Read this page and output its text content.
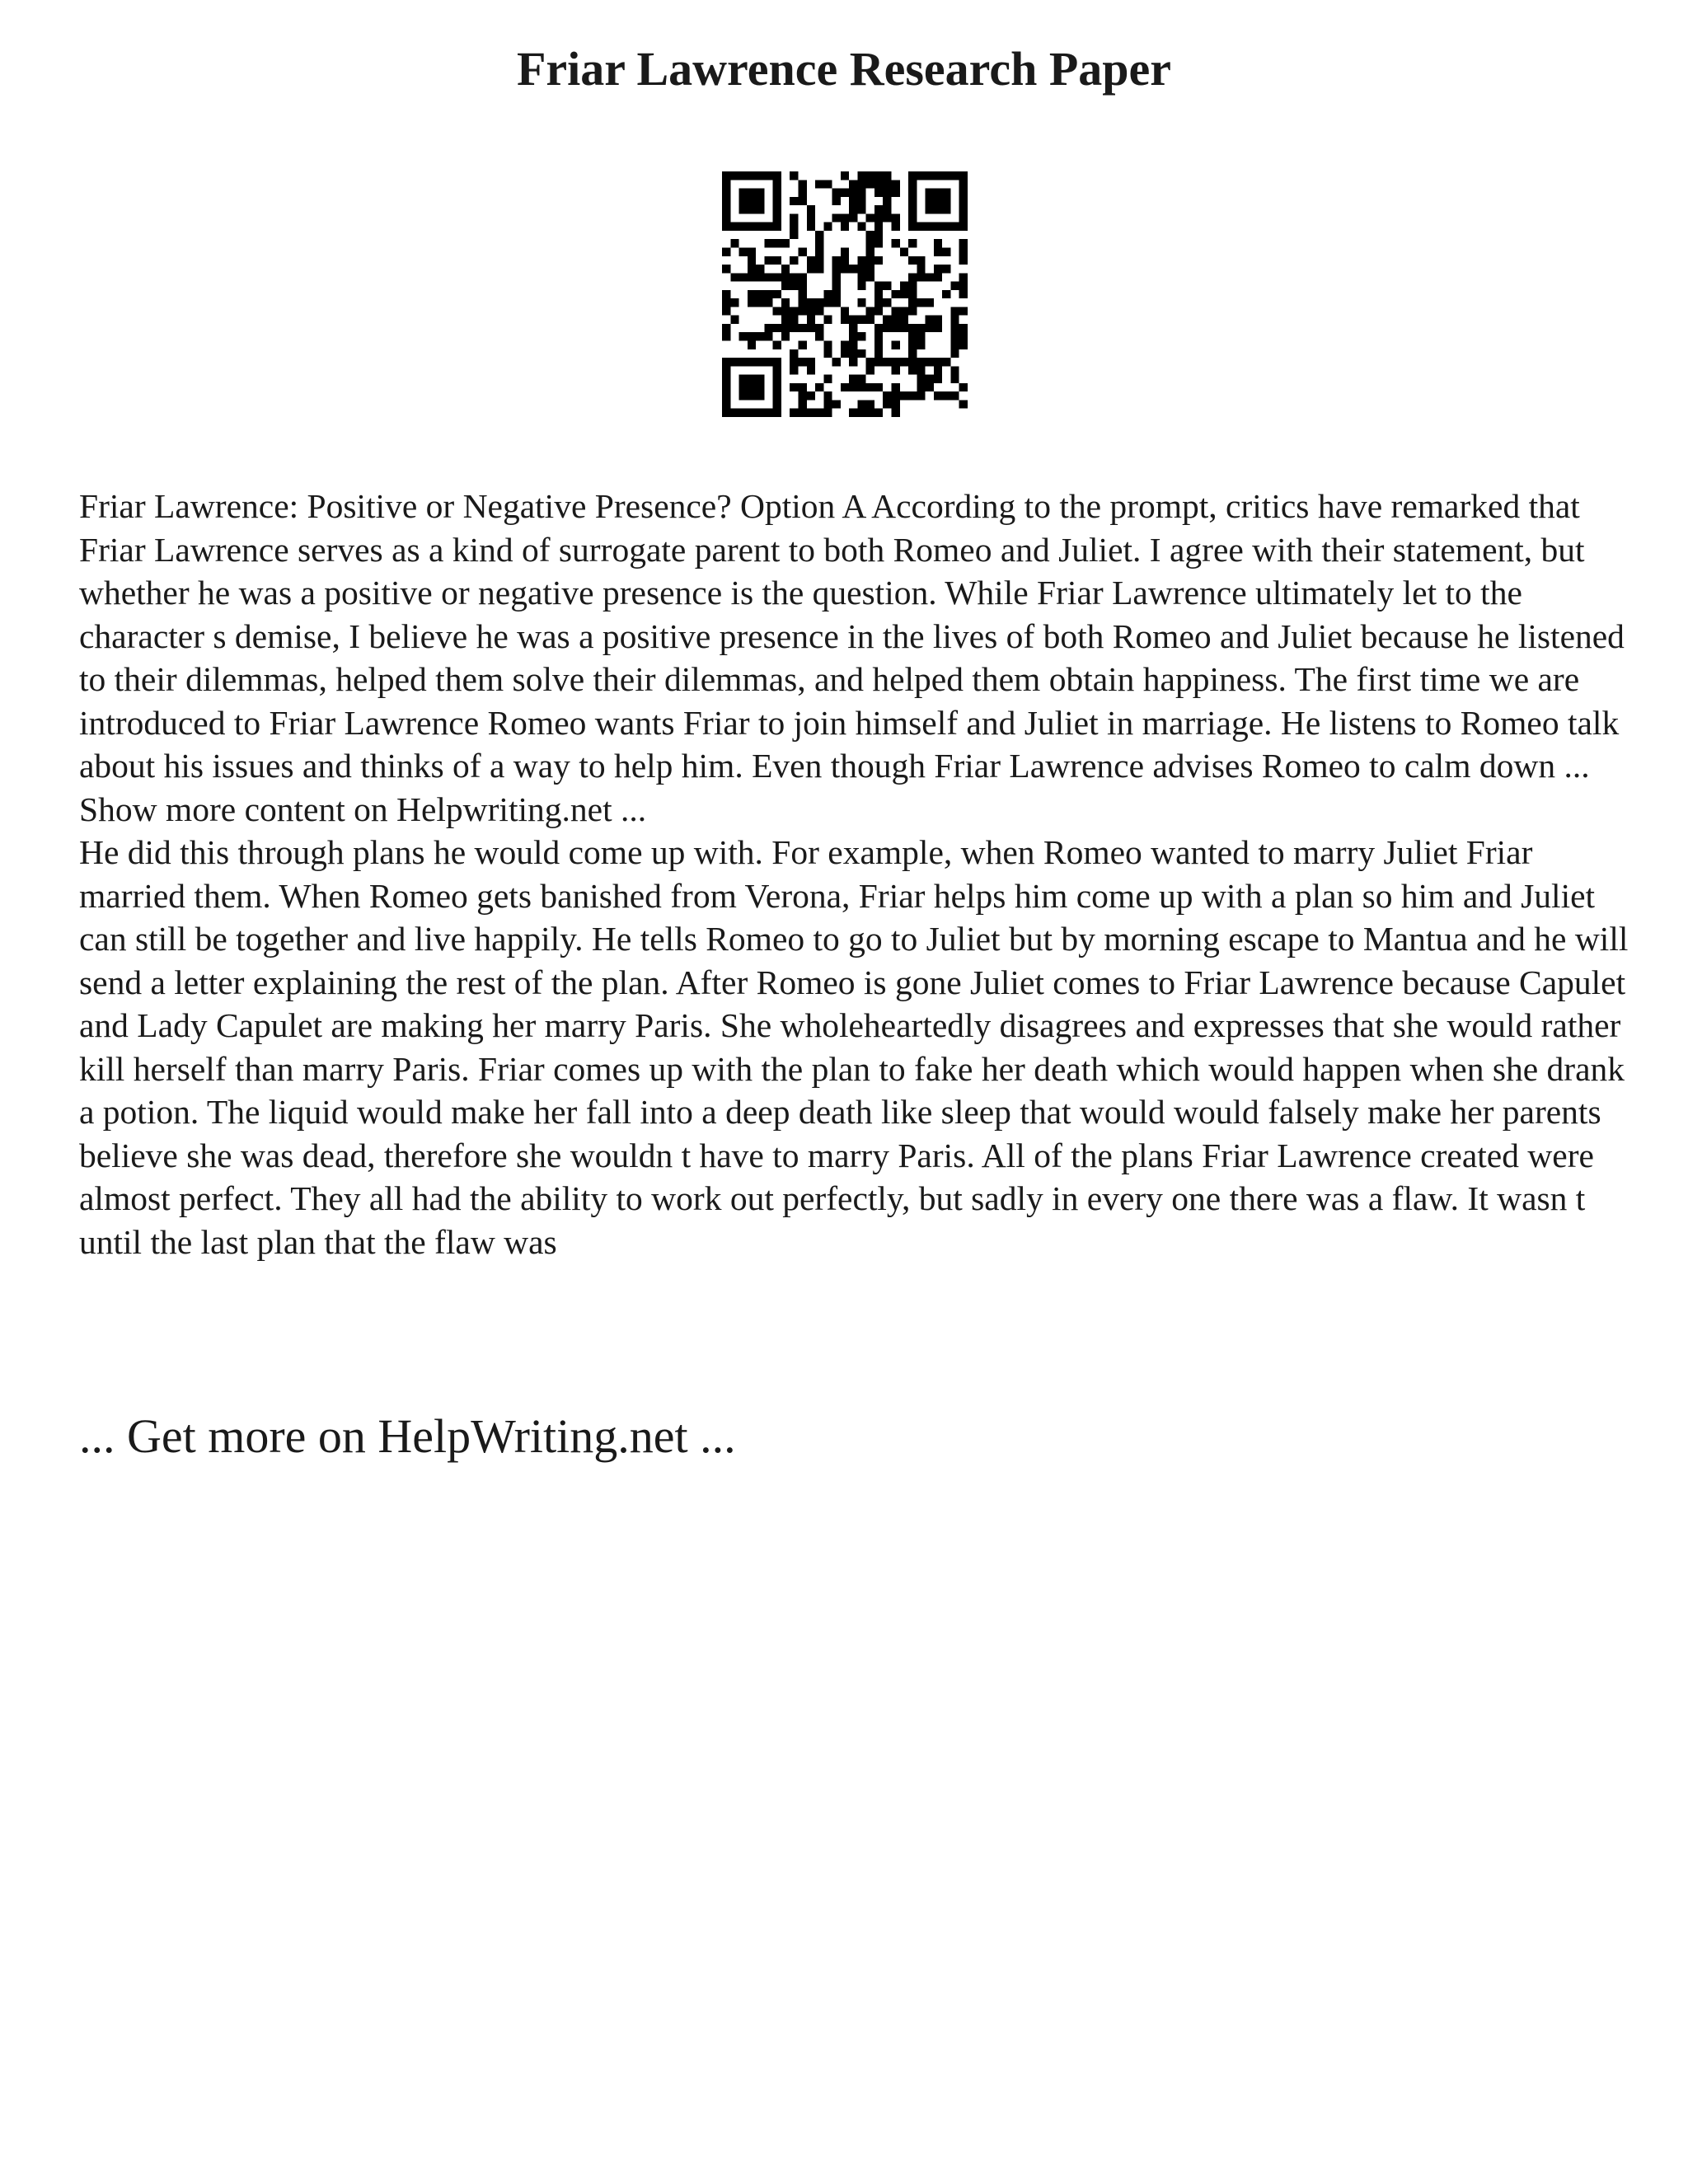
Friar Lawrence Research Paper

Friar Lawrence: Positive or Negative Presence? Option A According to the prompt, critics have remarked that Friar Lawrence serves as a kind of surrogate parent to both Romeo and Juliet. I agree with their statement, but whether he was a positive or negative presence is the question. While Friar Lawrence ultimately let to the character s demise, I believe he was a positive presence in the lives of both Romeo and Juliet because he listened to their dilemmas, helped them solve their dilemmas, and helped them obtain happiness. The first time we are introduced to Friar Lawrence Romeo wants Friar to join himself and Juliet in marriage. He listens to Romeo talk about his issues and thinks of a way to help him. Even though Friar Lawrence advises Romeo to calm down ... Show more content on Helpwriting.net ...

He did this through plans he would come up with. For example, when Romeo wanted to marry Juliet Friar married them. When Romeo gets banished from Verona, Friar helps him come up with a plan so him and Juliet can still be together and live happily. He tells Romeo to go to Juliet but by morning escape to Mantua and he will send a letter explaining the rest of the plan. After Romeo is gone Juliet comes to Friar Lawrence because Capulet and Lady Capulet are making her marry Paris. She wholeheartedly disagrees and expresses that she would rather kill herself than marry Paris. Friar comes up with the plan to fake her death which would happen when she drank a potion. The liquid would make her fall into a deep death like sleep that would would falsely make her parents believe she was dead, therefore she wouldn t have to marry Paris. All of the plans Friar Lawrence created were almost perfect. They all had the ability to work out perfectly, but sadly in every one there was a flaw. It wasn t until the last plan that the flaw was

... Get more on HelpWriting.net ...
